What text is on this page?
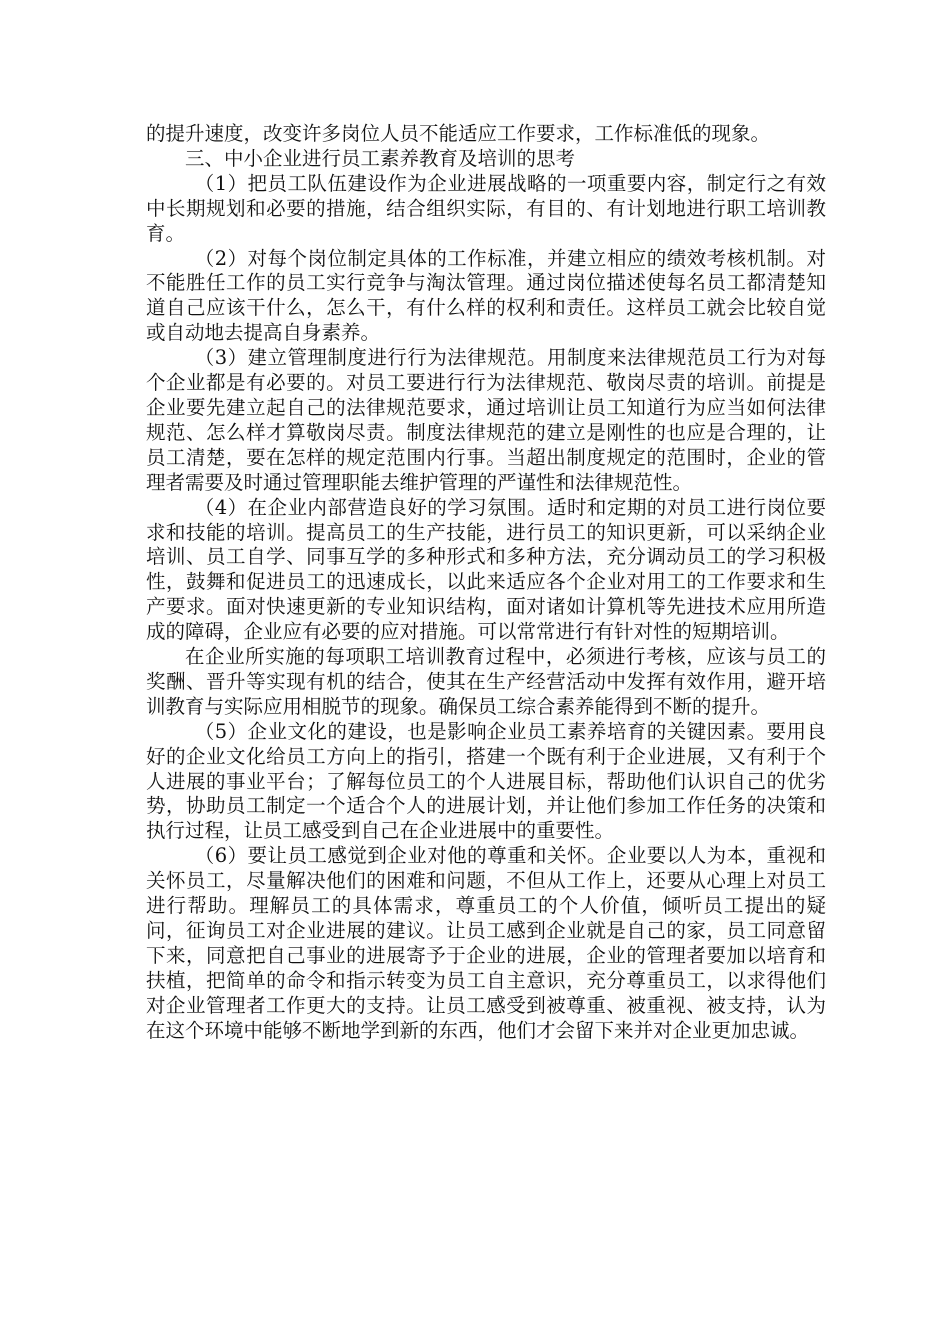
的提升速度，改变许多岗位人员不能适应工作要求，工作标准低的现象。

三、中小企业进行员工素养教育及培训的思考

（1）把员工队伍建设作为企业进展战略的一项重要内容，制定行之有效中长期规划和必要的措施，结合组织实际，有目的、有计划地进行职工培训教育。

（2）对每个岗位制定具体的工作标准，并建立相应的绩效考核机制。对不能胜任工作的员工实行竞争与淘汰管理。通过岗位描述使每名员工都清楚知道自己应该干什么，怎么干，有什么样的权利和责任。这样员工就会比较自觉或自动地去提高自身素养。

（3）建立管理制度进行行为法律规范。用制度来法律规范员工行为对每个企业都是有必要的。对员工要进行行为法律规范、敬岗尽责的培训。前提是企业要先建立起自己的法律规范要求，通过培训让员工知道行为应当如何法律规范、怎么样才算敬岗尽责。制度法律规范的建立是刚性的也应是合理的，让员工清楚，要在怎样的规定范围内行事。当超出制度规定的范围时，企业的管理者需要及时通过管理职能去维护管理的严谨性和法律规范性。

（4）在企业内部营造良好的学习氛围。适时和定期的对员工进行岗位要求和技能的培训。提高员工的生产技能，进行员工的知识更新，可以采纳企业培训、员工自学、同事互学的多种形式和多种方法，充分调动员工的学习积极性，鼓舞和促进员工的迅速成长，以此来适应各个企业对用工的工作要求和生产要求。面对快速更新的专业知识结构，面对诸如计算机等先进技术应用所造成的障碍，企业应有必要的应对措施。可以常常进行有针对性的短期培训。

在企业所实施的每项职工培训教育过程中，必须进行考核，应该与员工的奖酬、晋升等实现有机的结合，使其在生产经营活动中发挥有效作用，避开培训教育与实际应用相脱节的现象。确保员工综合素养能得到不断的提升。

（5）企业文化的建设，也是影响企业员工素养培育的关键因素。要用良好的企业文化给员工方向上的指引，搭建一个既有利于企业进展，又有利于个人进展的事业平台；了解每位员工的个人进展目标，帮助他们认识自己的优劣势，协助员工制定一个适合个人的进展计划，并让他们参加工作任务的决策和执行过程，让员工感受到自己在企业进展中的重要性。

（6）要让员工感觉到企业对他的尊重和关怀。企业要以人为本，重视和关怀员工，尽量解决他们的困难和问题，不但从工作上，还要从心理上对员工进行帮助。理解员工的具体需求，尊重员工的个人价值，倾听员工提出的疑问，征询员工对企业进展的建议。让员工感到企业就是自己的家，员工同意留下来，同意把自己事业的进展寄予于企业的进展，企业的管理者要加以培育和扶植，把简单的命令和指示转变为员工自主意识，充分尊重员工，以求得他们对企业管理者工作更大的支持。让员工感受到被尊重、被重视、被支持，认为在这个环境中能够不断地学到新的东西，他们才会留下来并对企业更加忠诚。
